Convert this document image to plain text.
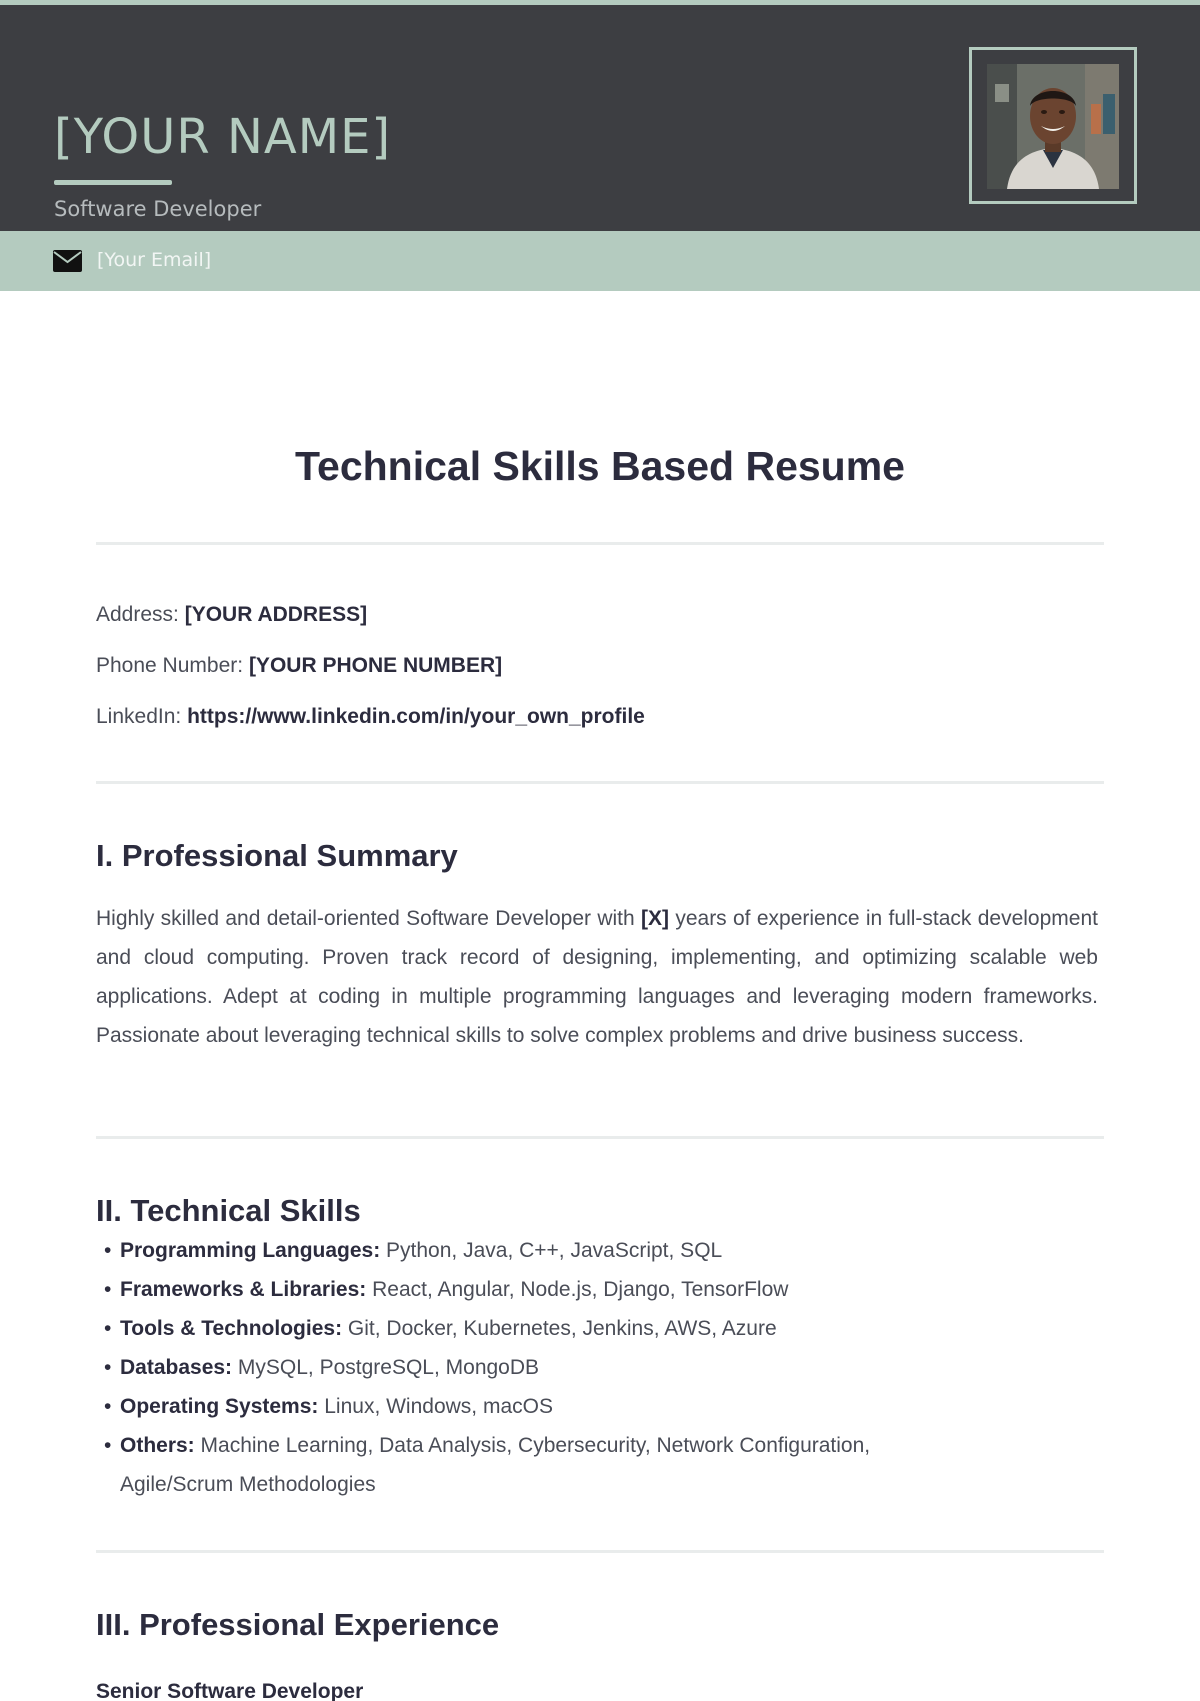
[YOUR NAME]
Software Developer
[Your Email]
Technical Skills Based Resume
Address: [YOUR ADDRESS]
Phone Number: [YOUR PHONE NUMBER]
LinkedIn: https://www.linkedin.com/in/your_own_profile
I. Professional Summary

Highly skilled and detail-oriented Software Developer with [X] years of experience in full-stack development and cloud computing. Proven track record of designing, implementing, and optimizing scalable web applications. Adept at coding in multiple programming languages and leveraging modern frameworks. Passionate about leveraging technical skills to solve complex problems and drive business success.

II. Technical Skills
• Programming Languages: Python, Java, C++, JavaScript, SQL
• Frameworks & Libraries: React, Angular, Node.js, Django, TensorFlow
• Tools & Technologies: Git, Docker, Kubernetes, Jenkins, AWS, Azure
• Databases: MySQL, PostgreSQL, MongoDB
• Operating Systems: Linux, Windows, macOS
• Others: Machine Learning, Data Analysis, Cybersecurity, Network Configuration, Agile/Scrum Methodologies
III. Professional Experience
Senior Software Developer
